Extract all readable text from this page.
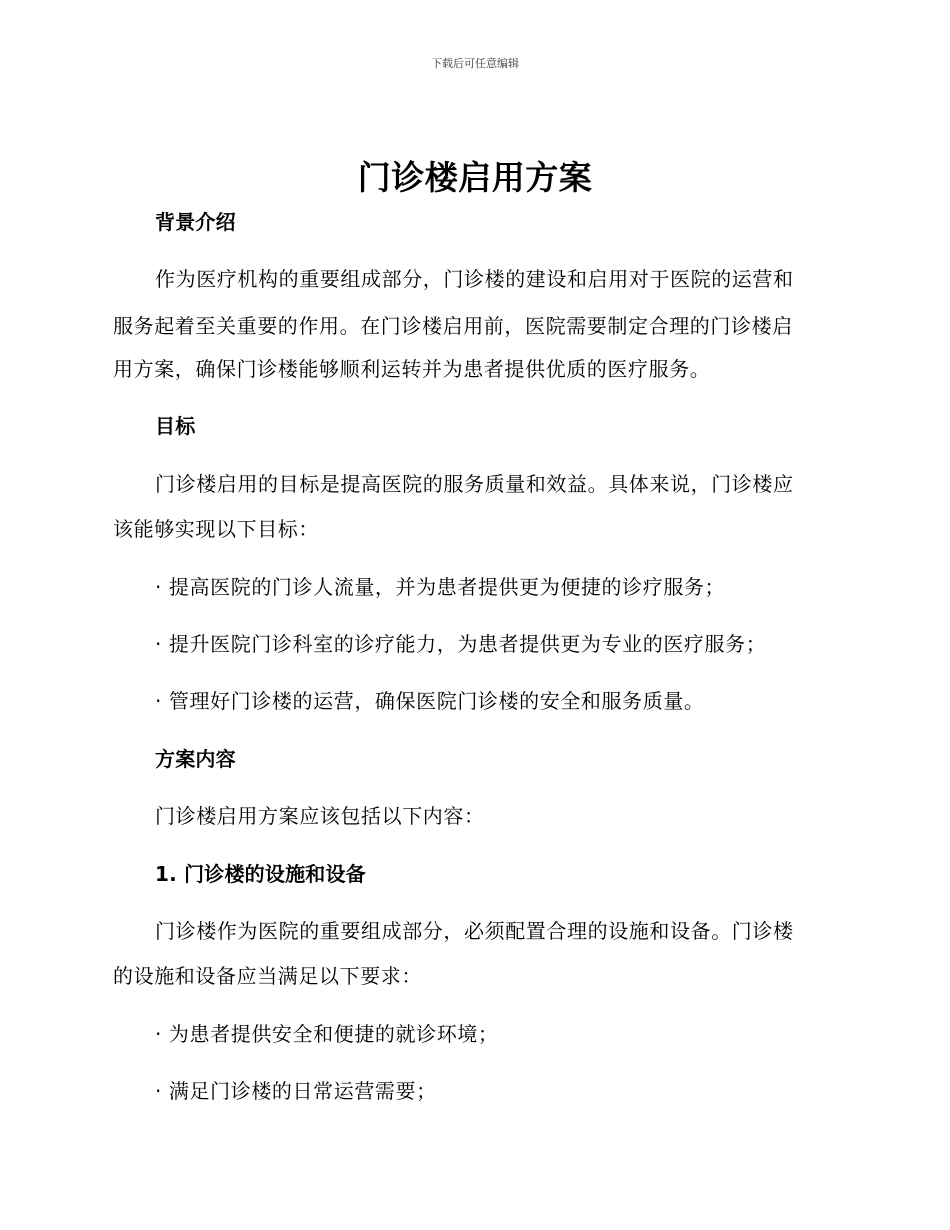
下载后可任意编辑
门诊楼启用方案
背景介绍
作为医疗机构的重要组成部分，门诊楼的建设和启用对于医院的运营和
服务起着至关重要的作用。在门诊楼启用前，医院需要制定合理的门诊楼启
用方案，确保门诊楼能够顺利运转并为患者提供优质的医疗服务。
目标
门诊楼启用的目标是提高医院的服务质量和效益。具体来说，门诊楼应
该能够实现以下目标：
· 提高医院的门诊人流量，并为患者提供更为便捷的诊疗服务；
· 提升医院门诊科室的诊疗能力，为患者提供更为专业的医疗服务；
· 管理好门诊楼的运营，确保医院门诊楼的安全和服务质量。
方案内容
门诊楼启用方案应该包括以下内容：
1. 门诊楼的设施和设备
门诊楼作为医院的重要组成部分，必须配置合理的设施和设备。门诊楼
的设施和设备应当满足以下要求：
· 为患者提供安全和便捷的就诊环境；
· 满足门诊楼的日常运营需要；
